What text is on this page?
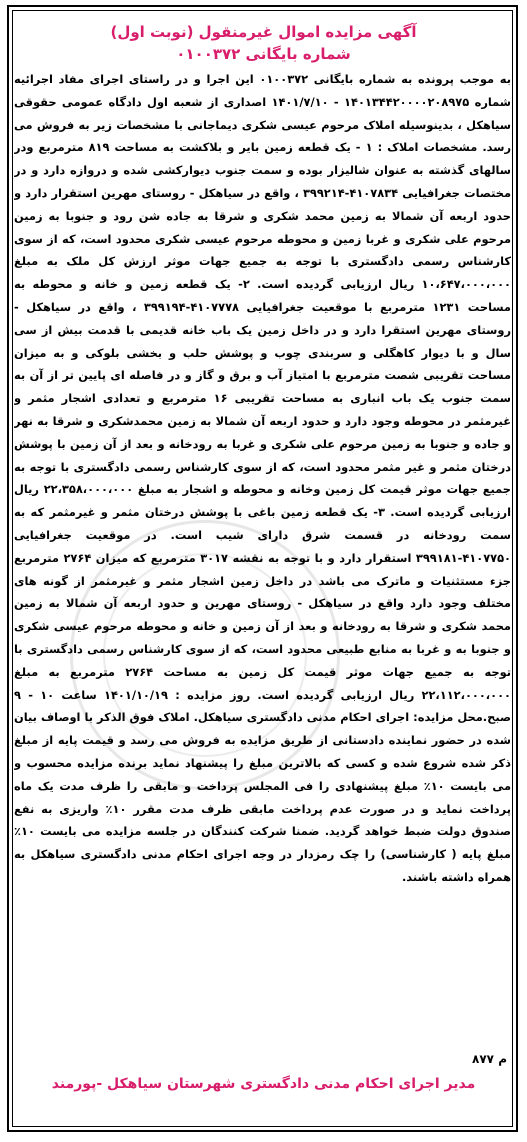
آگهی مزایده اموال غیرمنقول (نوبت اول)
شماره بایگانی ۰۱۰۰۳۷۲
به موجب پرونده به شماره بایگانی ۰۱۰۰۳۷۲ این اجرا و در راستای اجرای مفاد اجرائیه شماره ۱۴۰۱۳۴۴۲۰۰۰۰۲۰۸۹۷۵ - ۱۴۰۱/۷/۱۰ اصداری از شعبه اول دادگاه عمومی حقوقی سیاهکل ، بدینوسیله املاک مرحوم عیسی شکری دیماجانی با مشخصات زیر به فروش می رسد. مشخصات املاک : ۱ - یک قطعه زمین بایر و بلاکشت به مساحت ۸۱۹ مترمربع ودر سالهای گذشته به عنوان شالیزار بوده و سمت جنوب دیوارکشی شده و دروازه دارد و در مختصات جغرافیایی ۴۱۰۷۸۳۴-۳۹۹۲۱۴ ، واقع در سیاهکل - روستای مهرین استقرار دارد و حدود اربعه آن شمالا به زمین محمد شکری و شرقا به جاده شن رود و جنوبا به زمین مرحوم علی شکری و غربا زمین و محوطه مرحوم عیسی شکری محدود است، که از سوی کارشناس رسمی دادگستری با توجه به جمیع جهات موثر ارزش کل ملک به مبلغ ۱۰،۶۴۷،۰۰۰،۰۰۰ ریال ارزیابی گردیده است. ۲- یک قطعه زمین و خانه و محوطه به مساحت ۱۲۳۱ مترمربع با موقعیت جغرافیایی ۴۱۰۷۷۷۸-۳۹۹۱۹۴ ، واقع در سیاهکل - روستای مهرین استقرا دارد و در داخل زمین یک باب خانه قدیمی با قدمت بیش از سی سال و با دیوار کاهگلی و سربندی چوب و پوشش حلب و بخشی بلوکی و به میزان مساحت تقریبی شصت مترمربع با امتیاز آب و برق و گاز و در فاصله ای پایین تر از آن به سمت جنوب یک باب انباری به مساحت تقریبی ۱۶ مترمربع و تعدادی اشجار مثمر و غیرمثمر در محوطه وجود دارد و حدود اربعه آن شمالا به زمین محمدشکری و شرقا به نهر و جاده و جنوبا به زمین مرحوم علی شکری و غربا به رودخانه و بعد از آن زمین با پوشش درختان مثمر و غیر مثمر محدود است، که از سوی کارشناس رسمی دادگستری با توجه به جمیع جهات موثر قیمت کل زمین وخانه و محوطه و اشجار به مبلغ ۲۲،۳۵۸،۰۰۰،۰۰۰ ریال ارزیابی گردیده است. ۳- یک قطعه زمین باغی با پوشش درختان مثمر و غیرمثمر که به سمت رودخانه در قسمت شرق دارای شیب است. در موقعیت جغرافیایی ۴۱۰۷۷۵۰-۳۹۹۱۸۱ استقرار دارد و با توجه به نقشه ۳۰۱۷ مترمربع که میزان ۲۷۶۴ مترمربع جزء مستثنیات و ماترک می باشد در داخل زمین اشجار مثمر و غیرمثمر از گونه های مختلف وجود دارد واقع در سیاهکل - روستای مهرین و حدود اربعه آن شمالا به زمین محمد شکری و شرقا به رودخانه و بعد از آن زمین و خانه و محوطه مرحوم عیسی شکری و جنوبا به و غربا به منابع طبیعی محدود است، که از سوی کارشناس رسمی دادگستری با توجه به جمیع جهات موثر قیمت کل زمین به مساحت ۲۷۶۴ مترمربع به مبلغ ۲۲،۱۱۲،۰۰۰،۰۰۰ ریال ارزیابی گردیده است. روز مزایده : ۱۴۰۱/۱۰/۱۹ ساعت ۱۰ - ۹ صبح.محل مزایده: اجرای احکام مدنی دادگستری سیاهکل. املاک فوق الذکر با اوصاف بیان شده در حضور نماینده دادستانی از طریق مزایده به فروش می رسد و قیمت پایه از مبلغ ذکر شده شروع شده و کسی که بالاترین مبلغ را پیشنهاد نماید برنده مزایده محسوب و می بایست ۱۰٪ مبلغ پیشنهادی را فی المجلس پرداخت و مابقی را ظرف مدت یک ماه پرداخت نماید و در صورت عدم پرداخت مابقی ظرف مدت مقرر ۱۰٪ واریزی به نفع صندوق دولت ضبط خواهد گردید. ضمنا شرکت کنندگان در جلسه مزایده می بایست ۱۰٪ مبلغ پایه ( کارشناسی) را چک رمزدار در وجه اجرای احکام مدنی دادگستری سیاهکل به همراه داشته باشند.
م ۸۷۷
مدیر اجرای احکام مدنی دادگستری شهرستان سیاهکل -پورمند
